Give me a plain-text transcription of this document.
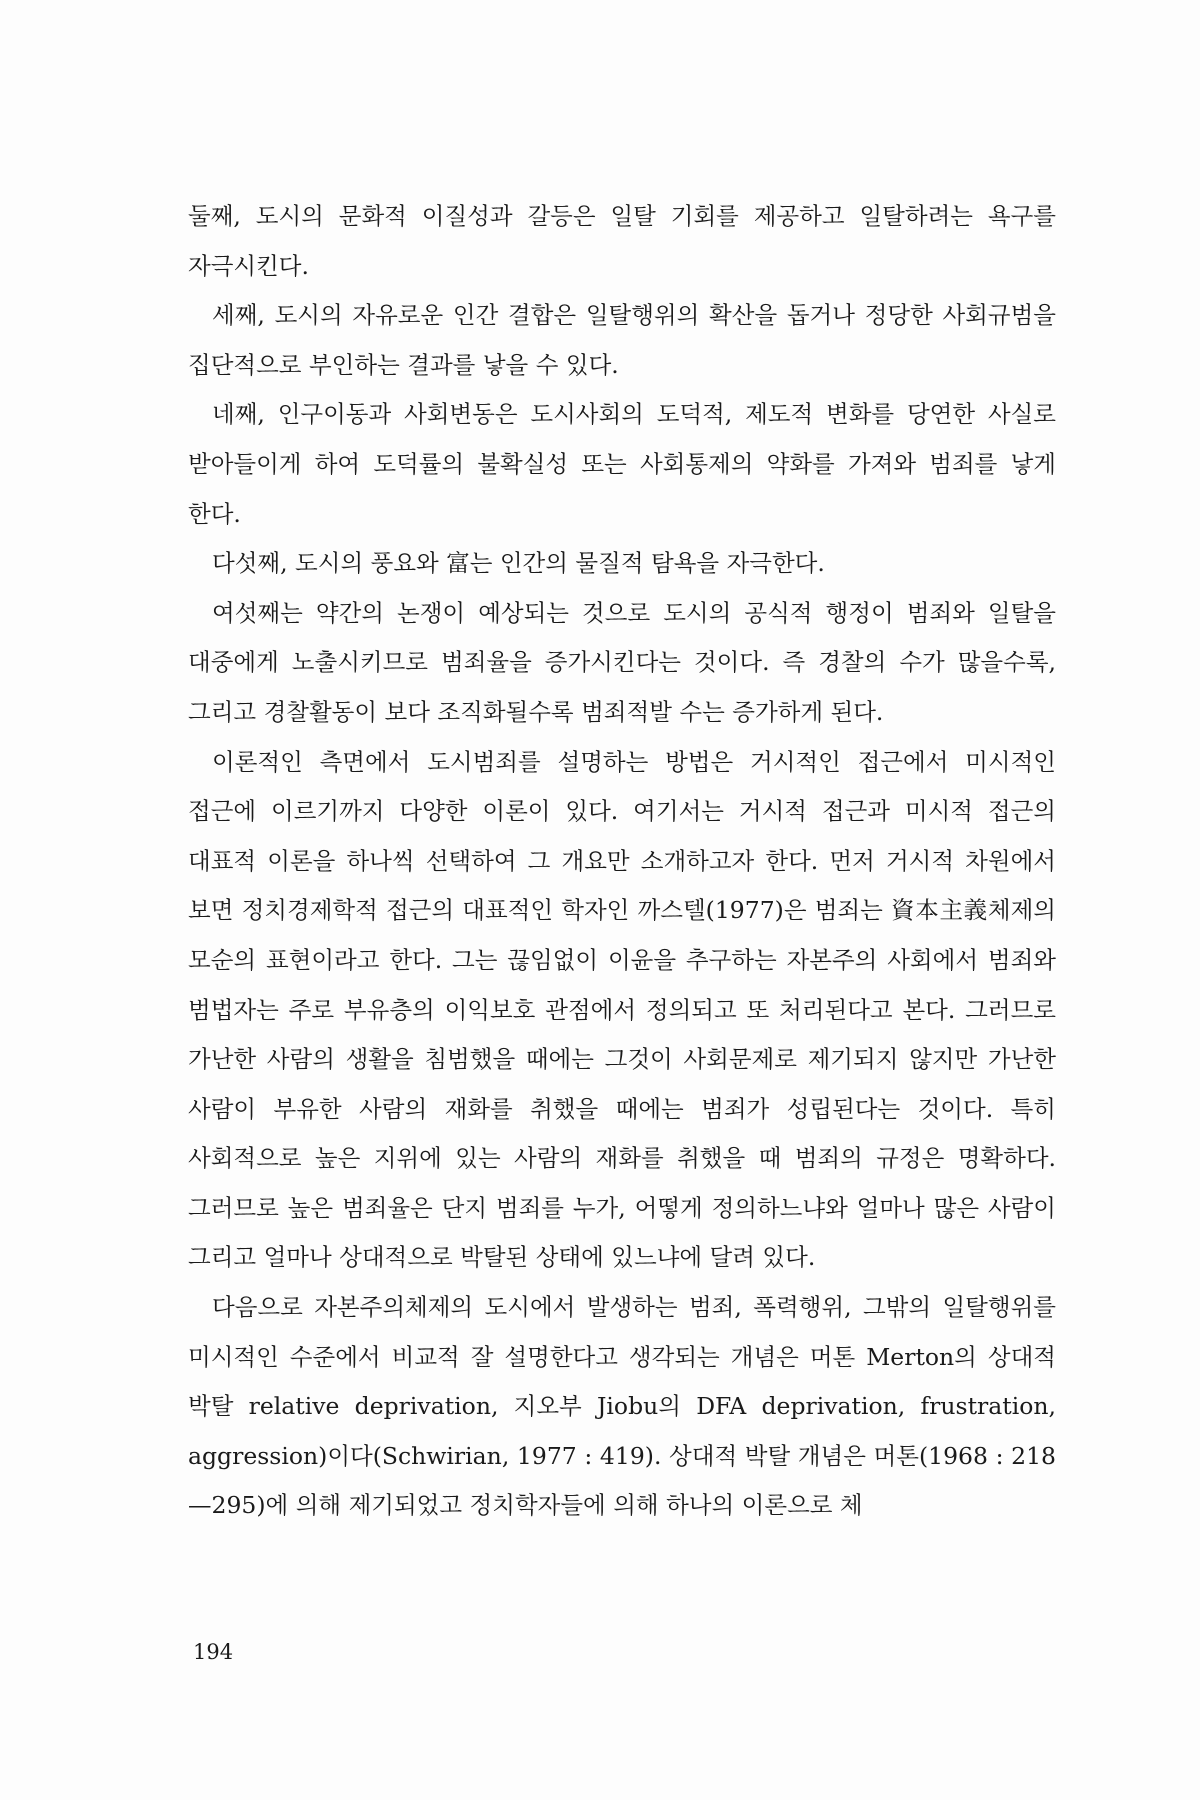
둘째, 도시의 문화적 이질성과 갈등은 일탈 기회를 제공하고 일탈하려는 욕구를 자극시킨다.

세째, 도시의 자유로운 인간 결합은 일탈행위의 확산을 돕거나 정당한 사회규범을 집단적으로 부인하는 결과를 낳을 수 있다.

네째, 인구이동과 사회변동은 도시사회의 도덕적, 제도적 변화를 당연한 사실로 받아들이게 하여 도덕률의 불확실성 또는 사회통제의 약화를 가져와 범죄를 낳게 한다.

다섯째, 도시의 풍요와 富는 인간의 물질적 탐욕을 자극한다.

여섯째는 약간의 논쟁이 예상되는 것으로 도시의 공식적 행정이 범죄와 일탈을 대중에게 노출시키므로 범죄율을 증가시킨다는 것이다. 즉 경찰의 수가 많을수록, 그리고 경찰활동이 보다 조직화될수록 범죄적발 수는 증가하게 된다.

이론적인 측면에서 도시범죄를 설명하는 방법은 거시적인 접근에서 미시적인 접근에 이르기까지 다양한 이론이 있다. 여기서는 거시적 접근과 미시적 접근의 대표적 이론을 하나씩 선택하여 그 개요만 소개하고자 한다. 먼저 거시적 차원에서 보면 정치경제학적 접근의 대표적인 학자인 까스텔(1977)은 범죄는 資本主義체제의 모순의 표현이라고 한다. 그는 끊임없이 이윤을 추구하는 자본주의 사회에서 범죄와 범법자는 주로 부유층의 이익보호 관점에서 정의되고 또 처리된다고 본다. 그러므로 가난한 사람의 생활을 침범했을 때에는 그것이 사회문제로 제기되지 않지만 가난한 사람이 부유한 사람의 재화를 취했을 때에는 범죄가 성립된다는 것이다. 특히 사회적으로 높은 지위에 있는 사람의 재화를 취했을 때 범죄의 규정은 명확하다. 그러므로 높은 범죄율은 단지 범죄를 누가, 어떻게 정의하느냐와 얼마나 많은 사람이 그리고 얼마나 상대적으로 박탈된 상태에 있느냐에 달려 있다.

다음으로 자본주의체제의 도시에서 발생하는 범죄, 폭력행위, 그밖의 일탈행위를 미시적인 수준에서 비교적 잘 설명한다고 생각되는 개념은 머톤 Merton의 상대적 박탈 relative deprivation, 지오부 Jiobu의 DFA deprivation, frustration, aggression)이다(Schwirian, 1977 : 419). 상대적 박탈 개념은 머톤(1968 : 218—295)에 의해 제기되었고 정치학자들에 의해 하나의 이론으로 체

194
